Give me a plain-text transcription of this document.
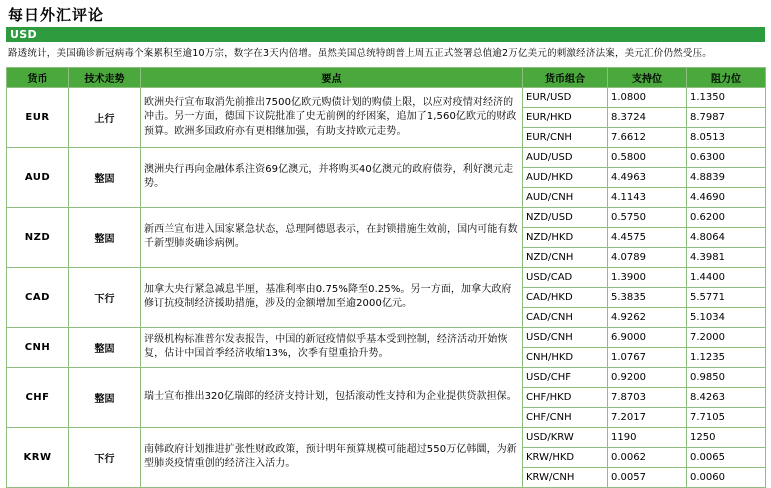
每日外汇评论
USD
路透统计，美国确诊新冠病毒个案累积至逾10万宗，数字在3天内倍增。虽然美国总统特朗普上周五正式签署总值逾2万亿美元的刺激经济法案，美元汇价仍然受压。
货币	技术走势	要点	货币组合	支持位	阻力位
EUR	上行	欧洲央行宣布取消先前推出7500亿欧元购债计划的购债上限，以应对疫情对经济的冲击。另一方面，德国下议院批准了史无前例的纾困案，追加了1,560亿欧元的财政预算。欧洲多国政府亦有更相继加强，有助支持欧元走势。	EUR/USD	1.0800	1.1350
			EUR/HKD	8.3724	8.7987
			EUR/CNH	7.6612	8.0513
AUD	整固	澳洲央行再向金融体系注资69亿澳元，并将购买40亿澳元的政府债券，利好澳元走势。	AUD/USD	0.5800	0.6300
			AUD/HKD	4.4963	4.8839
			AUD/CNH	4.1143	4.4690
NZD	整固	新西兰宣布进入国家紧急状态，总理阿德恩表示，在封锁措施生效前，国内可能有数千新型肺炎确诊病例。	NZD/USD	0.5750	0.6200
			NZD/HKD	4.4575	4.8064
			NZD/CNH	4.0789	4.3981
CAD	下行	加拿大央行紧急减息半厘，基准利率由0.75%降至0.25%。另一方面，加拿大政府修订抗疫制经济援助措施，涉及的金额增加至逾2000亿元。	USD/CAD	1.3900	1.4400
			CAD/HKD	5.3835	5.5771
			CAD/CNH	4.9262	5.1034
CNH	整固	评级机构标准普尔发表报告，中国的新冠疫情似乎基本受到控制，经济活动开始恢复，估计中国首季经济收缩13%，次季有望重拾升势。	USD/CNH	6.9000	7.2000
			CNH/HKD	1.0767	1.1235
CHF	整固	瑞士宣布推出320亿瑞郎的经济支持计划，包括滚动性支持和为企业提供贷款担保。	USD/CHF	0.9200	0.9850
			CHF/HKD	7.8703	8.4263
			CHF/CNH	7.2017	7.7105
KRW	下行	南韩政府计划推进扩张性财政政策，预计明年预算规模可能超过550万亿韩圜，为新型肺炎疫情重创的经济注入活力。	USD/KRW	1190	1250
			KRW/HKD	0.0062	0.0065
			KRW/CNH	0.0057	0.0060
